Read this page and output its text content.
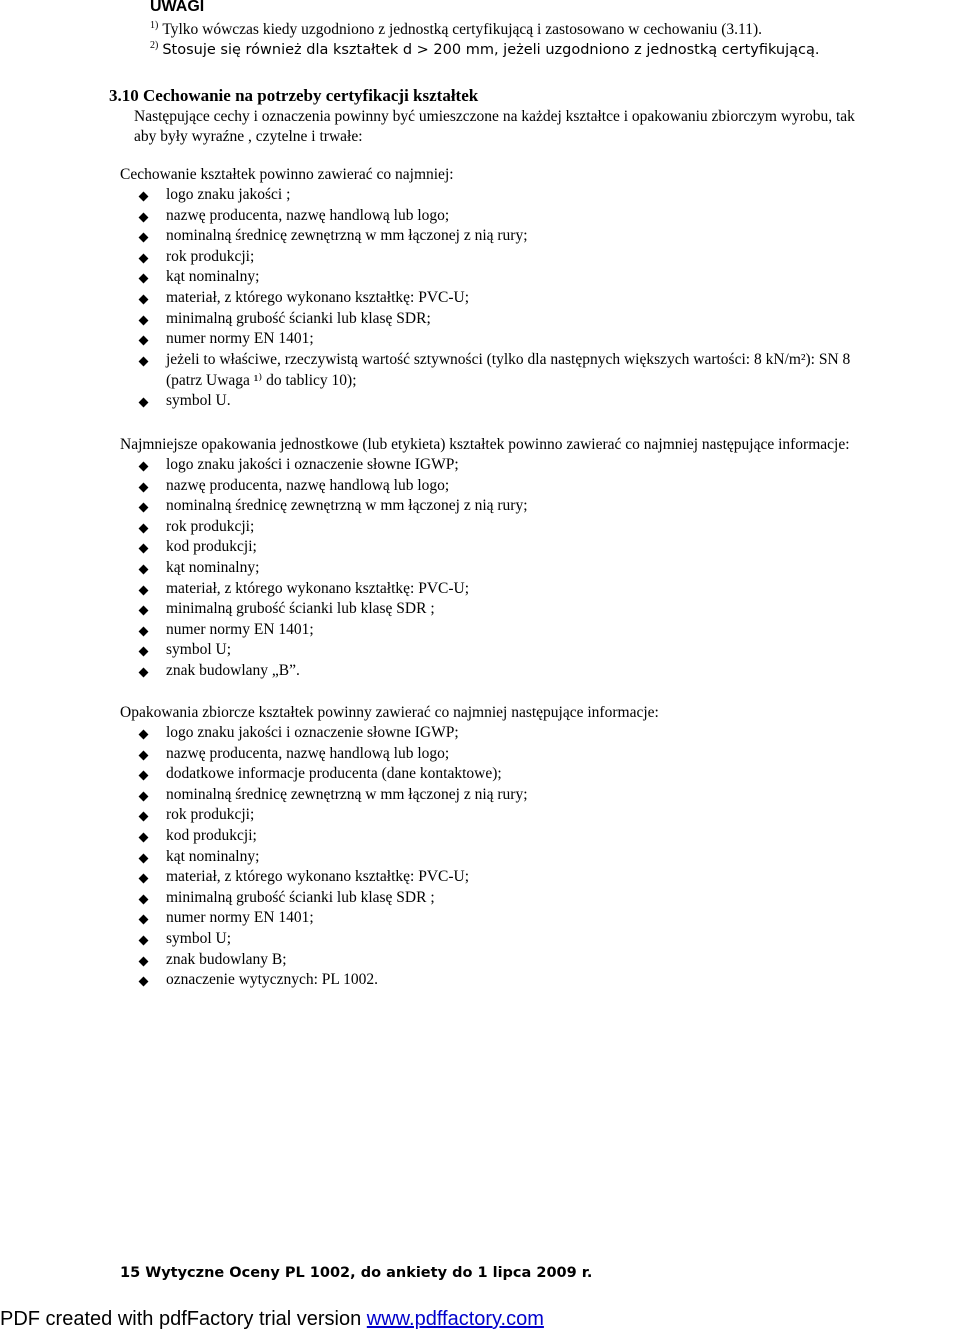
UWAGI
$^{1)}$ Tylko wówczas kiedy uzgodniono z jednostką certyfikującą i zastosowano w cechowaniu (3.11).
$^{2)}$ Stosuje się również dla kształtek d > 200 mm, jeżeli uzgodniono z jednostką certyfikującą.
3.10 Cechowanie na potrzeby certyfikacji kształtek
Następujące cechy i oznaczenia powinny być umieszczone na każdej kształtce i opakowaniu zbiorczym wyrobu, tak
aby były wyraźne , czytelne i trwałe:
Cechowanie kształtek powinno zawierać co najmniej:
logo znaku jakości ;
nazwę producenta, nazwę handlową lub logo;
nominalną średnicę zewnętrzną w mm łączonej z nią rury;
rok produkcji;
kąt nominalny;
materiał, z którego wykonano kształtkę: PVC-U;
minimalną grubość ścianki lub klasę SDR;
numer normy EN 1401;
jeżeli to właściwe, rzeczywistą wartość sztywności (tylko dla następnych większych wartości: 8 kN/m²): SN 8
(patrz Uwaga ¹⁾ do tablicy 10);
symbol U.
Najmniejsze opakowania jednostkowe (lub etykieta) kształtek powinno zawierać co najmniej następujące informacje:
logo znaku jakości i oznaczenie słowne IGWP;
nazwę producenta, nazwę handlową lub logo;
nominalną średnicę zewnętrzną w mm łączonej z nią rury;
rok produkcji;
kod produkcji;
kąt nominalny;
materiał, z którego wykonano kształtkę: PVC-U;
minimalną grubość ścianki lub klasę SDR ;
numer normy EN 1401;
symbol U;
znak budowlany „B”.
Opakowania zbiorcze kształtek powinny zawierać co najmniej następujące informacje:
logo znaku jakości i oznaczenie słowne IGWP;
nazwę producenta, nazwę handlową lub logo;
dodatkowe informacje producenta (dane kontaktowe);
nominalną średnicę zewnętrzną w mm łączonej z nią rury;
rok produkcji;
kod produkcji;
kąt nominalny;
materiał, z którego wykonano kształtkę: PVC-U;
minimalną grubość ścianki lub klasę SDR ;
numer normy EN 1401;
symbol U;
znak budowlany B;
oznaczenie wytycznych: PL 1002.
15 Wytyczne Oceny PL 1002, do ankiety do 1 lipca 2009 r.
PDF created with pdfFactory trial version www.pdffactory.com
